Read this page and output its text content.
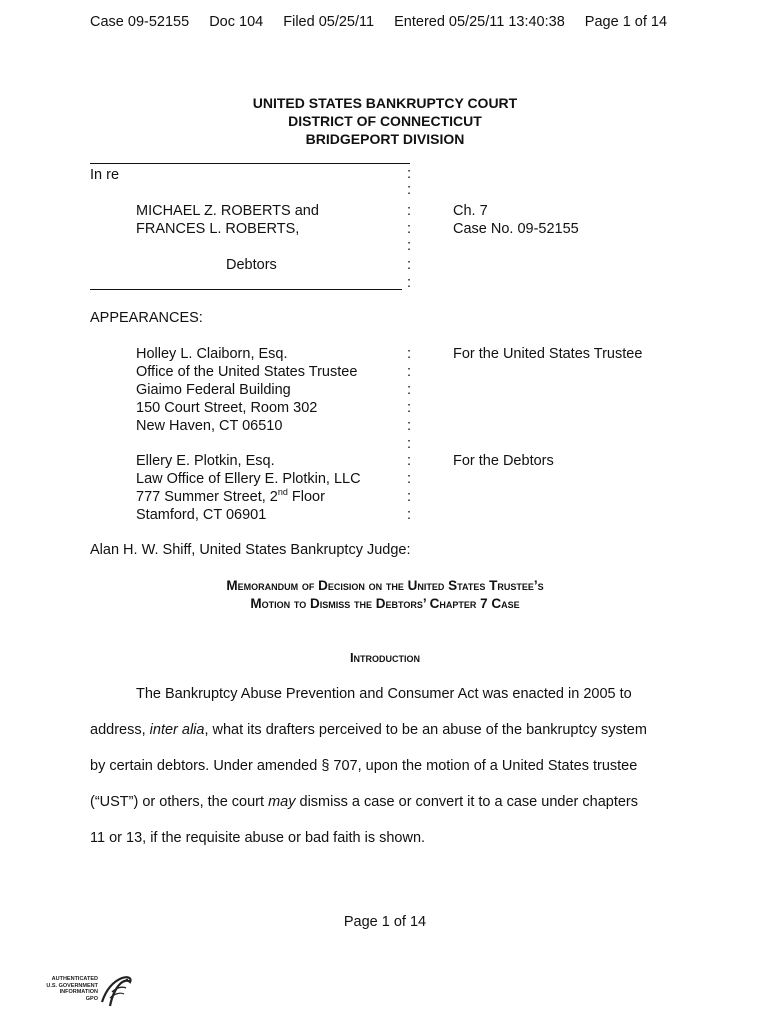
Case 09-52155 Doc 104 Filed 05/25/11 Entered 05/25/11 13:40:38 Page 1 of 14
UNITED STATES BANKRUPTCY COURT
DISTRICT OF CONNECTICUT
BRIDGEPORT DIVISION
In re	:
:
:
:
:
:
:
MICHAEL Z. ROBERTS and
FRANCES L. ROBERTS,
Debtors
Ch. 7
Case No. 09-52155
APPEARANCES:
Holley L. Claiborn, Esq.
Office of the United States Trustee
Giaimo Federal Building
150 Court Street, Room 302
New Haven, CT 06510
For the United States Trustee
:
:
:
:
:
:
:
:
:
:
Ellery E. Plotkin, Esq.
Law Office of Ellery E. Plotkin, LLC
777 Summer Street, 2nd Floor
Stamford, CT 06901
For the Debtors
Alan H. W. Shiff, United States Bankruptcy Judge:
Memorandum of Decision on the United States Trustee’s
Motion to Dismiss the Debtors’ Chapter 7 Case
Introduction
The Bankruptcy Abuse Prevention and Consumer Act was enacted in 2005 to
address, inter alia, what its drafters perceived to be an abuse of the bankruptcy system
by certain debtors. Under amended § 707, upon the motion of a United States trustee
(“UST”) or others, the court may dismiss a case or convert it to a case under chapters
11 or 13, if the requisite abuse or bad faith is shown.
Page 1 of 14
AUTHENTICATED
U.S. GOVERNMENT
INFORMATION
GPO
